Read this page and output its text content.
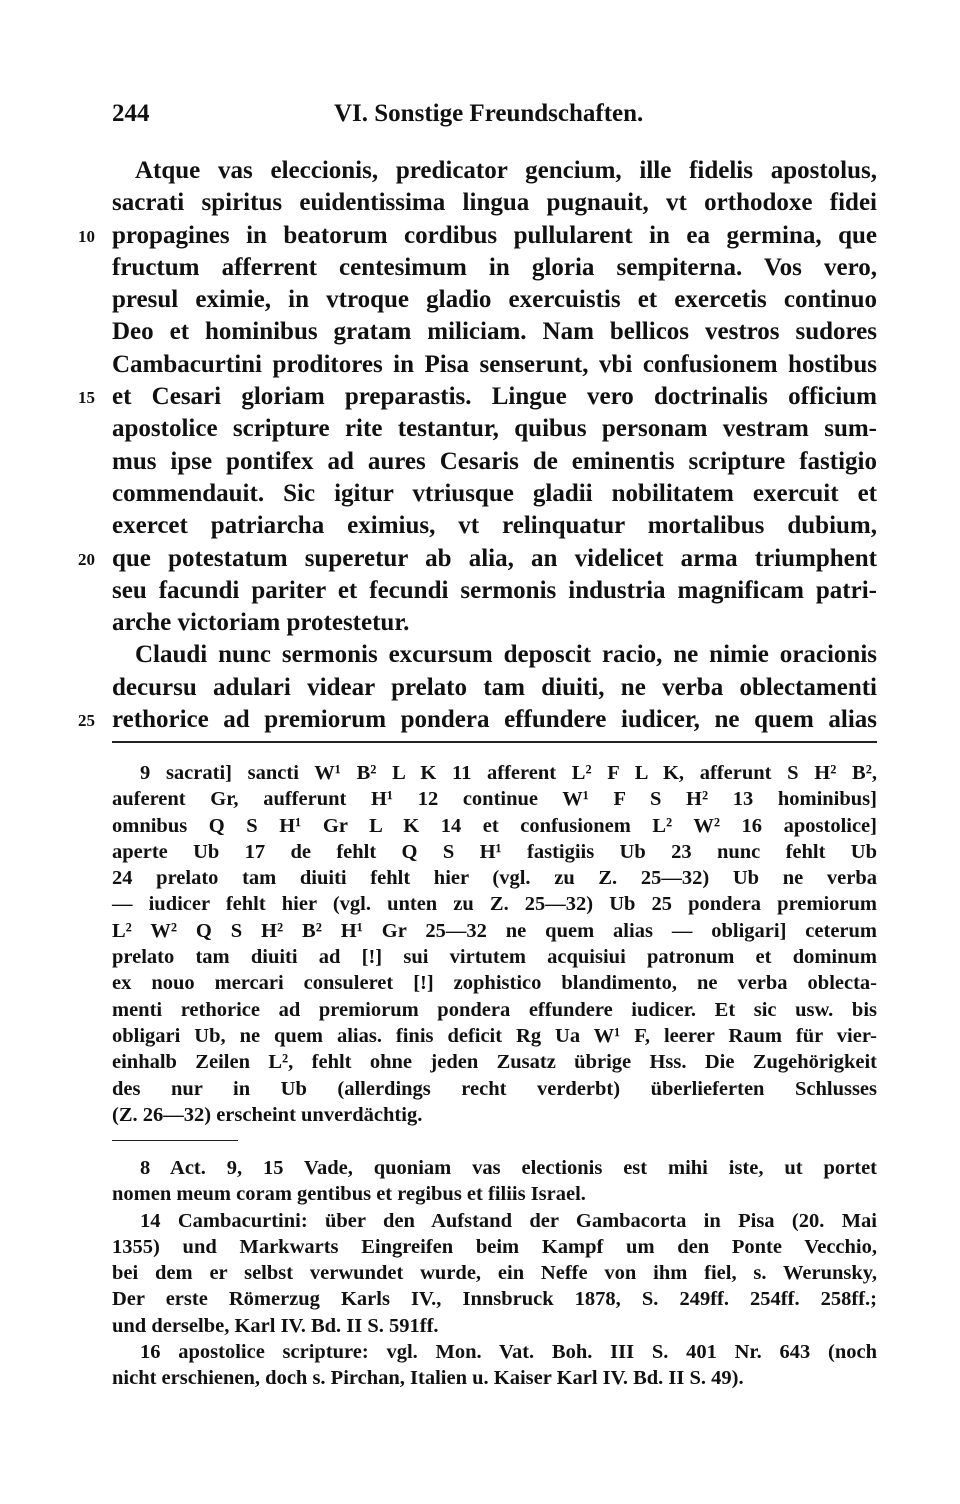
244	VI. Sonstige Freundschaften.
Atque vas eleccionis, predicator gencium, ille fidelis apostolus,
sacrati spiritus euidentissima lingua pugnauit, vt orthodoxe fidei
10 propagines in beatorum cordibus pullularent in ea germina, que
fructum afferrent centesimum in gloria sempiterna. Vos vero,
presul eximie, in vtroque gladio exercuistis et exercetis continuo
Deo et hominibus gratam miliciam. Nam bellicos vestros sudores
Cambacurtini proditores in Pisa senserunt, vbi confusionem hostibus
15 et Cesari gloriam preparastis. Lingue vero doctrinalis officium
apostolice scripture rite testantur, quibus personam vestram sum-
mus ipse pontifex ad aures Cesaris de eminentis scripture fastigio
commendauit. Sic igitur vtriusque gladii nobilitatem exercuit et
exercet patriarcha eximius, vt relinquatur mortalibus dubium,
20 que potestatum superetur ab alia, an videlicet arma triumphent
seu facundi pariter et fecundi sermonis industria magnificam patri-
arche victoriam protestetur.
Claudi nunc sermonis excursum deposcit racio, ne nimie oracionis
decursu adulari videar prelato tam diuiti, ne verba oblectamenti
25 rethorice ad premiorum pondera effundere iudicer, ne quem alias
9 sacrati] sancti W¹ B² L K 11 afferent L² F L K, afferunt S H² B²,
auferent Gr, aufferunt H¹ 12 continue W¹ F S H² 13 hominibus]
omnibus Q S H¹ Gr L K 14 et confusionem L² W² 16 apostolice]
aperte Ub 17 de fehlt Q S H¹ fastigiis Ub 23 nunc fehlt Ub
24 prelato tam diuiti fehlt hier (vgl. zu Z. 25—32) Ub ne verba
— iudicer fehlt hier (vgl. unten zu Z. 25—32) Ub 25 pondera premiorum
L² W² Q S H² B² H¹ Gr 25—32 ne quem alias — obligari] ceterum
prelato tam diuiti ad [!] sui virtutem acquisiui patronum et dominum
ex nouo mercari consuleret [!] zophistico blandimento, ne verba oblecta-
menti rethorice ad premiorum pondera effundere iudicer. Et sic usw. bis
obligari Ub, ne quem alias. finis deficit Rg Ua W¹ F, leerer Raum für vier-
einhalb Zeilen L², fehlt ohne jeden Zusatz übrige Hss. Die Zugehörigkeit
des nur in Ub (allerdings recht verderbt) überlieferten Schlusses
(Z. 26—32) erscheint unverdächtig.
8 Act. 9, 15 Vade, quoniam vas electionis est mihi iste, ut portet
nomen meum coram gentibus et regibus et filiis Israel.
14 Cambacurtini: über den Aufstand der Gambacorta in Pisa (20. Mai
1355) und Markwarts Eingreifen beim Kampf um den Ponte Vecchio,
bei dem er selbst verwundet wurde, ein Neffe von ihm fiel, s. Werunsky,
Der erste Römerzug Karls IV., Innsbruck 1878, S. 249ff. 254ff. 258ff.;
und derselbe, Karl IV. Bd. II S. 591ff.
16 apostolice scripture: vgl. Mon. Vat. Boh. III S. 401 Nr. 643 (noch
nicht erschienen, doch s. Pirchan, Italien u. Kaiser Karl IV. Bd. II S. 49).
